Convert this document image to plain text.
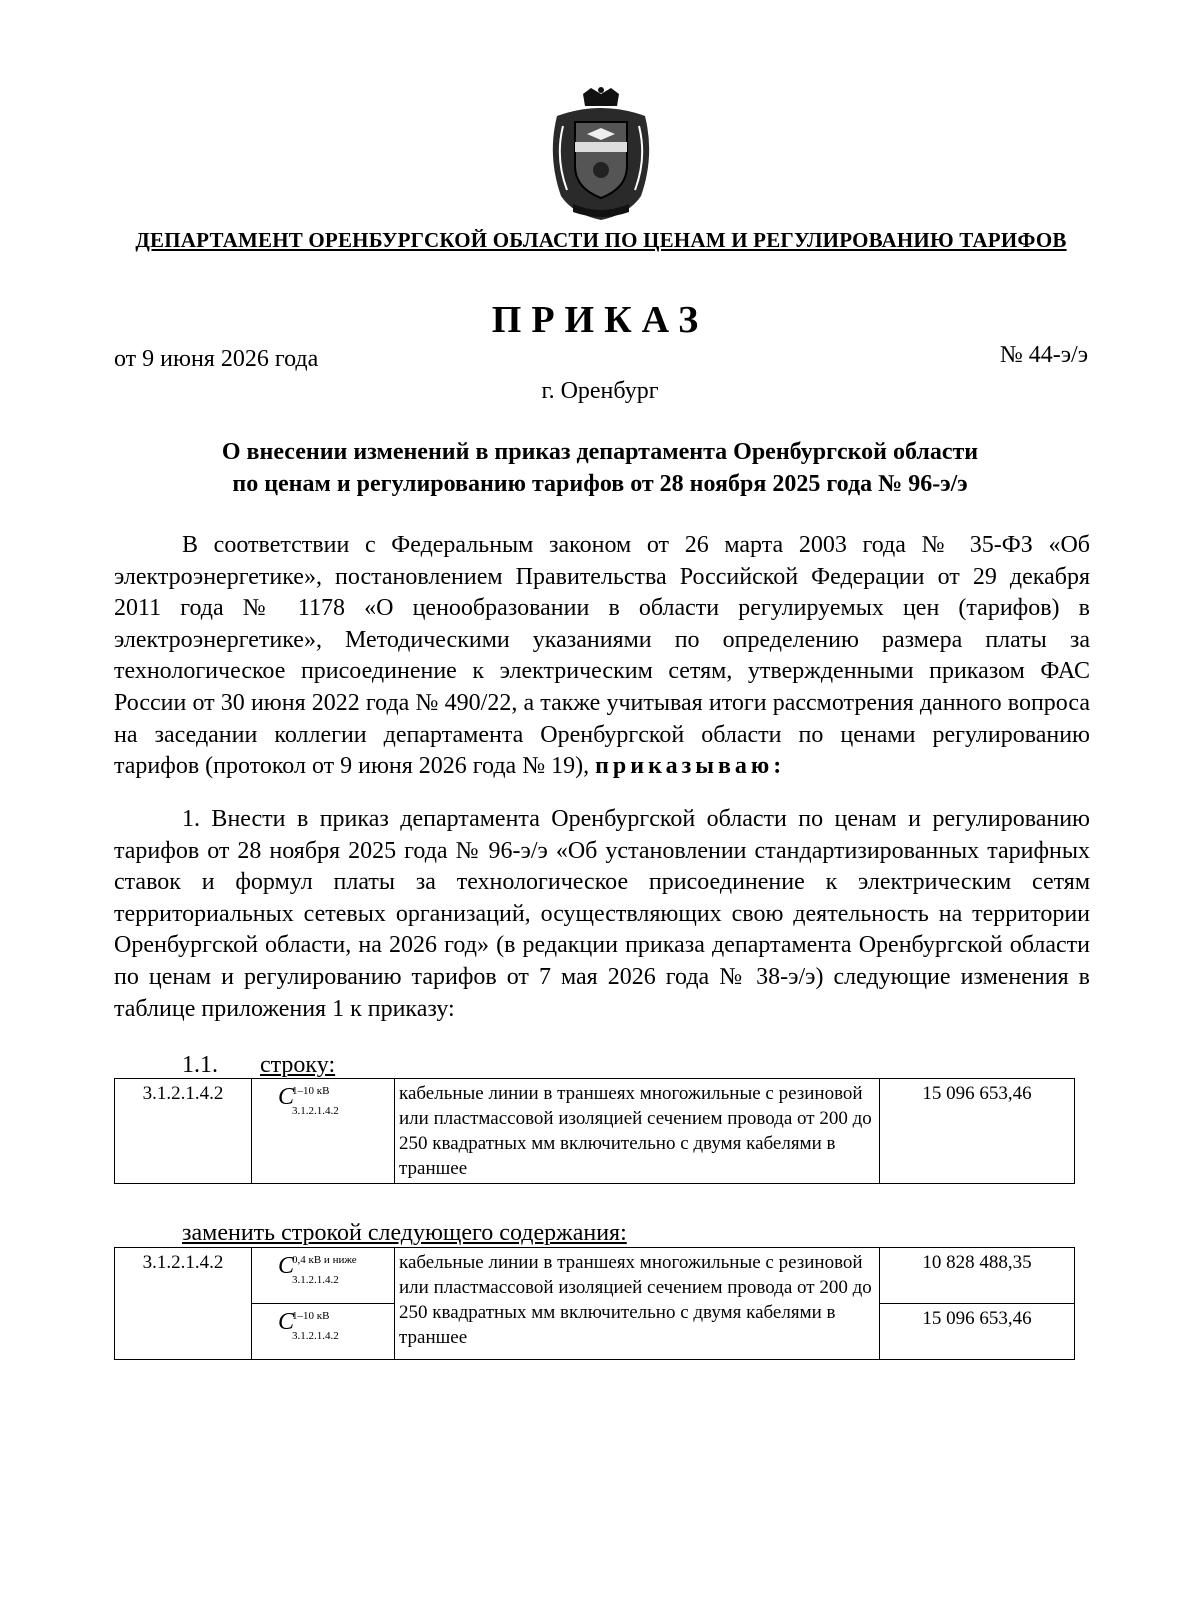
ДЕПАРТАМЕНТ ОРЕНБУРГСКОЙ ОБЛАСТИ ПО ЦЕНАМ И РЕГУЛИРОВАНИЮ ТАРИФОВ
ПРИКАЗ
от 9 июня 2026 года	№ 44-э/э
г. Оренбург
О внесении изменений в приказ департамента Оренбургской области
по ценам и регулированию тарифов от 28 ноября 2025 года № 96-э/э
В соответствии с Федеральным законом от 26 марта 2003 года № 35-ФЗ «Об электроэнергетике», постановлением Правительства Российской Федерации от 29 декабря 2011 года № 1178 «О ценообразовании в области регулируемых цен (тарифов) в электроэнергетике», Методическими указаниями по определению размера платы за технологическое присоединение к электрическим сетям, утвержденными приказом ФАС России от 30 июня 2022 года № 490/22, а также учитывая итоги рассмотрения данного вопроса на заседании коллегии департамента Оренбургской области по ценами регулированию тарифов (протокол от 9 июня 2026 года № 19), приказываю:
1. Внести в приказ департамента Оренбургской области по ценам и регулированию тарифов от 28 ноября 2025 года № 96-э/э «Об установлении стандартизированных тарифных ставок и формул платы за технологическое присоединение к электрическим сетям территориальных сетевых организаций, осуществляющих свою деятельность на территории Оренбургской области, на 2026 год» (в редакции приказа департамента Оренбургской области по ценам и регулированию тарифов от 7 мая 2026 года № 38-э/э) следующие изменения в таблице приложения 1 к приказу:
1.1. строку:
3.1.2.1.4.2	C
1–10 кВ
3.1.2.1.4.2
	кабельные линии в траншеях многожильные с резиновой или пластмассовой изоляцией сечением провода от 200 до 250 квадратных мм включительно с двумя кабелями в траншее	15 096 653,46
заменить строкой следующего содержания:
3.1.2.1.4.2	C
0,4 кВ и ниже
3.1.2.1.4.2	кабельные линии в траншеях многожильные с резиновой или пластмассовой изоляцией сечением провода от 200 до 250 квадратных мм включительно с двумя кабелями в траншее	10 828 488,35

	C
1–10 кВ
3.1.2.1.4.2		15 096 653,46
